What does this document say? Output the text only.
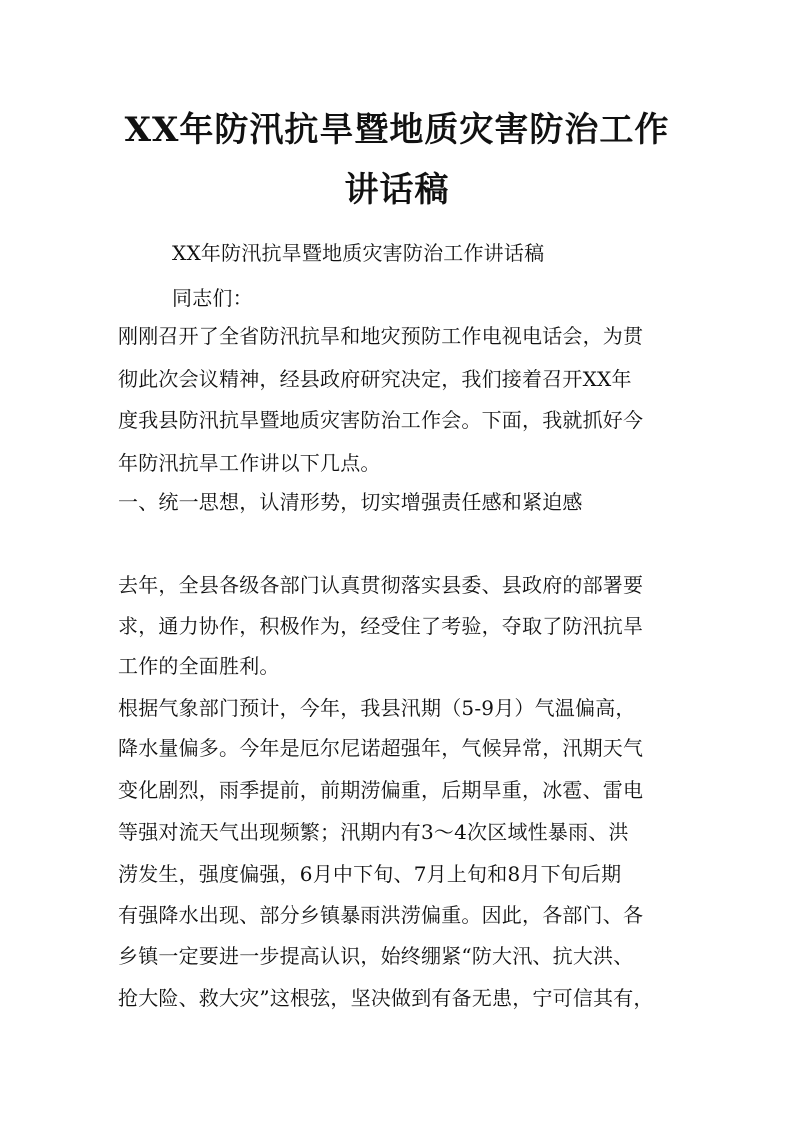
XX年防汛抗旱暨地质灾害防治工作
讲话稿
XX年防汛抗旱暨地质灾害防治工作讲话稿
同志们：
刚刚召开了全省防汛抗旱和地灾预防工作电视电话会，为贯
彻此次会议精神，经县政府研究决定，我们接着召开XX年
度我县防汛抗旱暨地质灾害防治工作会。下面，我就抓好今
年防汛抗旱工作讲以下几点。
一、统一思想，认清形势，切实增强责任感和紧迫感
去年，全县各级各部门认真贯彻落实县委、县政府的部署要
求，通力协作，积极作为，经受住了考验，夺取了防汛抗旱
工作的全面胜利。
根据气象部门预计，今年，我县汛期（5-9月）气温偏高，
降水量偏多。今年是厄尔尼诺超强年，气候异常，汛期天气
变化剧烈，雨季提前，前期涝偏重，后期旱重，冰雹、雷电
等强对流天气出现频繁；汛期内有3～4次区域性暴雨、洪
涝发生，强度偏强，6月中下旬、7月上旬和8月下旬后期
有强降水出现、部分乡镇暴雨洪涝偏重。因此，各部门、各
乡镇一定要进一步提高认识，始终绷紧“防大汛、抗大洪、
抢大险、救大灾”这根弦，坚决做到有备无患，宁可信其有，
